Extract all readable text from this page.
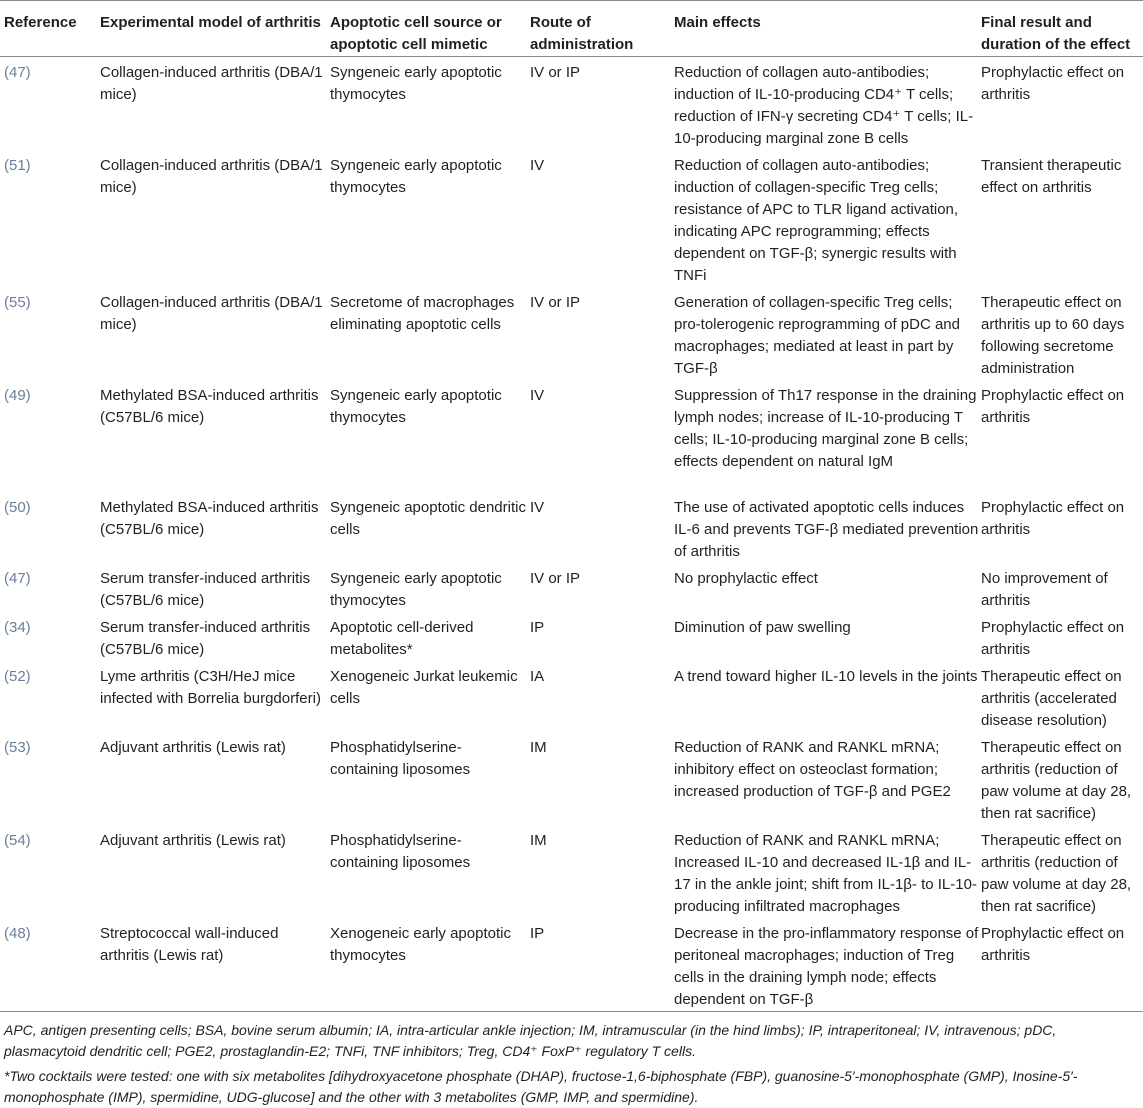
Reference	Experimental model of arthritis	Apoptotic cell source or apoptotic cell mimetic	Route of administration	Main effects	Final result and duration of the effect
(47)	Collagen-induced arthritis (DBA/1 mice)	Syngeneic early apoptotic thymocytes	IV or IP	Reduction of collagen auto-antibodies; induction of IL-10-producing CD4⁺ T cells; reduction of IFN-γ secreting CD4⁺ T cells; IL-10-producing marginal zone B cells	Prophylactic effect on arthritis
(51)	Collagen-induced arthritis (DBA/1 mice)	Syngeneic early apoptotic thymocytes	IV	Reduction of collagen auto-antibodies; induction of collagen-specific Treg cells; resistance of APC to TLR ligand activation, indicating APC reprogramming; effects dependent on TGF-β; synergic results with TNFi	Transient therapeutic effect on arthritis
(55)	Collagen-induced arthritis (DBA/1 mice)	Secretome of macrophages eliminating apoptotic cells	IV or IP	Generation of collagen-specific Treg cells; pro-tolerogenic reprogramming of pDC and macrophages; mediated at least in part by TGF-β	Therapeutic effect on arthritis up to 60 days following secretome administration
(49)	Methylated BSA-induced arthritis (C57BL/6 mice)	Syngeneic early apoptotic thymocytes	IV	Suppression of Th17 response in the draining lymph nodes; increase of IL-10-producing T cells; IL-10-producing marginal zone B cells; effects dependent on natural IgM	Prophylactic effect on arthritis
(50)	Methylated BSA-induced arthritis (C57BL/6 mice)	Syngeneic apoptotic dendritic cells	IV	The use of activated apoptotic cells induces IL-6 and prevents TGF-β mediated prevention of arthritis	Prophylactic effect on arthritis
(47)	Serum transfer-induced arthritis (C57BL/6 mice)	Syngeneic early apoptotic thymocytes	IV or IP	No prophylactic effect	No improvement of arthritis
(34)	Serum transfer-induced arthritis (C57BL/6 mice)	Apoptotic cell-derived metabolites*	IP	Diminution of paw swelling	Prophylactic effect on arthritis
(52)	Lyme arthritis (C3H/HeJ mice infected with Borrelia burgdorferi)	Xenogeneic Jurkat leukemic cells	IA	A trend toward higher IL-10 levels in the joints	Therapeutic effect on arthritis (accelerated disease resolution)
(53)	Adjuvant arthritis (Lewis rat)	Phosphatidylserine-containing liposomes	IM	Reduction of RANK and RANKL mRNA; inhibitory effect on osteoclast formation; increased production of TGF-β and PGE2	Therapeutic effect on arthritis (reduction of paw volume at day 28, then rat sacrifice)
(54)	Adjuvant arthritis (Lewis rat)	Phosphatidylserine-containing liposomes	IM	Reduction of RANK and RANKL mRNA; Increased IL-10 and decreased IL-1β and IL-17 in the ankle joint; shift from IL-1β- to IL-10-producing infiltrated macrophages	Therapeutic effect on arthritis (reduction of paw volume at day 28, then rat sacrifice)
(48)	Streptococcal wall-induced arthritis (Lewis rat)	Xenogeneic early apoptotic thymocytes	IP	Decrease in the pro-inflammatory response of peritoneal macrophages; induction of Treg cells in the draining lymph node; effects dependent on TGF-β	Prophylactic effect on arthritis

APC, antigen presenting cells; BSA, bovine serum albumin; IA, intra-articular ankle injection; IM, intramuscular (in the hind limbs); IP, intraperitoneal; IV, intravenous; pDC, plasmacytoid dendritic cell; PGE2, prostaglandin-E2; TNFi, TNF inhibitors; Treg, CD4⁺ FoxP⁺ regulatory T cells.

*Two cocktails were tested: one with six metabolites [dihydroxyacetone phosphate (DHAP), fructose-1,6-biphosphate (FBP), guanosine-5′-monophosphate (GMP), Inosine-5′-monophosphate (IMP), spermidine, UDG-glucose] and the other with 3 metabolites (GMP, IMP, and spermidine).
